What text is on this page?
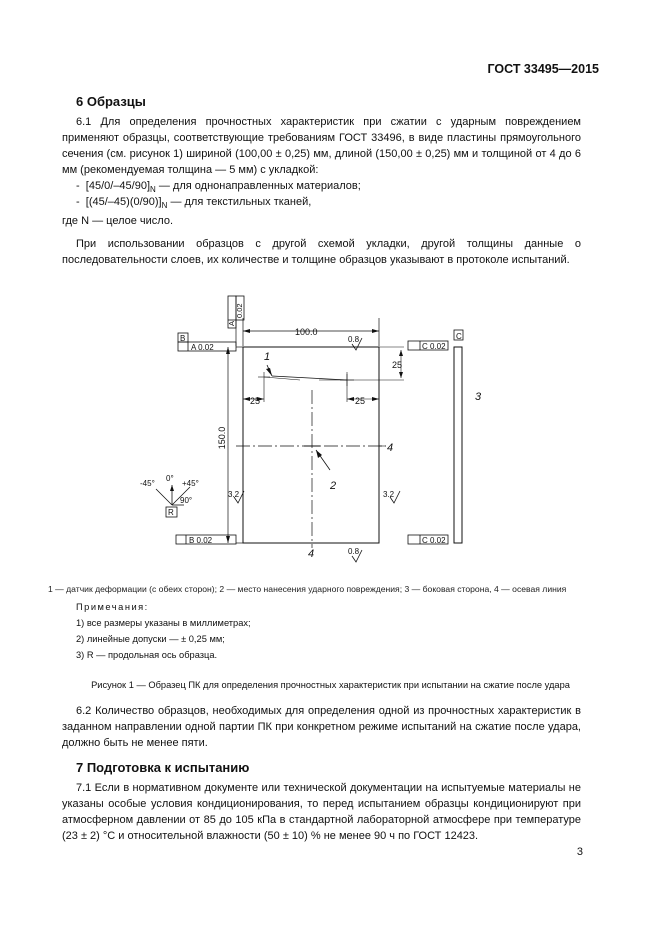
ГОСТ 33495—2015
6 Образцы
6.1 Для определения прочностных характеристик при сжатии с ударным повреждением применяют образцы, соответствующие требованиям ГОСТ 33496, в виде пластины прямоугольного сечения (см. рисунок 1) шириной (100,00 ± 0,25) мм, длиной (150,00 ± 0,25) мм и толщиной от 4 до 6 мм (рекомендуемая толщина — 5 мм) с укладкой:
- $[45/0/-45/90]_N$ — для однонаправленных материалов;
- $[(45/-45)(0/90)]_N$ — для текстильных тканей,
где N — целое число.
При использовании образцов с другой схемой укладки, другой толщины данные о последовательности слоев, их количестве и толщине образцов указывают в протоколе испытаний.
100.0
150.0
25
25	25
A
0.02
B
A 0.02
B 0.02
C 0.02
C 0.02
C
0.8
0.8
3.2	3.2
0°
+45°
-45°
90°
R
1
2
3
4
4
1 — датчик деформации (с обеих сторон); 2 — место нанесения ударного повреждения; 3 — боковая сторона, 4 — осевая линия
Примечания:
1) все размеры указаны в миллиметрах;
2) линейные допуски — ± 0,25 мм;
3) R — продольная ось образца.
Рисунок 1 — Образец ПК для определения прочностных характеристик при испытании на сжатие после удара
6.2 Количество образцов, необходимых для определения одной из прочностных характеристик в заданном направлении одной партии ПК при конкретном режиме испытаний на сжатие после удара, должно быть не менее пяти.
7 Подготовка к испытанию
7.1 Если в нормативном документе или технической документации на испытуемые материалы не указаны особые условия кондиционирования, то перед испытанием образцы кондиционируют при атмосферном давлении от 85 до 105 кПа в стандартной лабораторной атмосфере при температуре (23 ± 2) °С и относительной влажности (50 ± 10) % не менее 90 ч по ГОСТ 12423.
3
